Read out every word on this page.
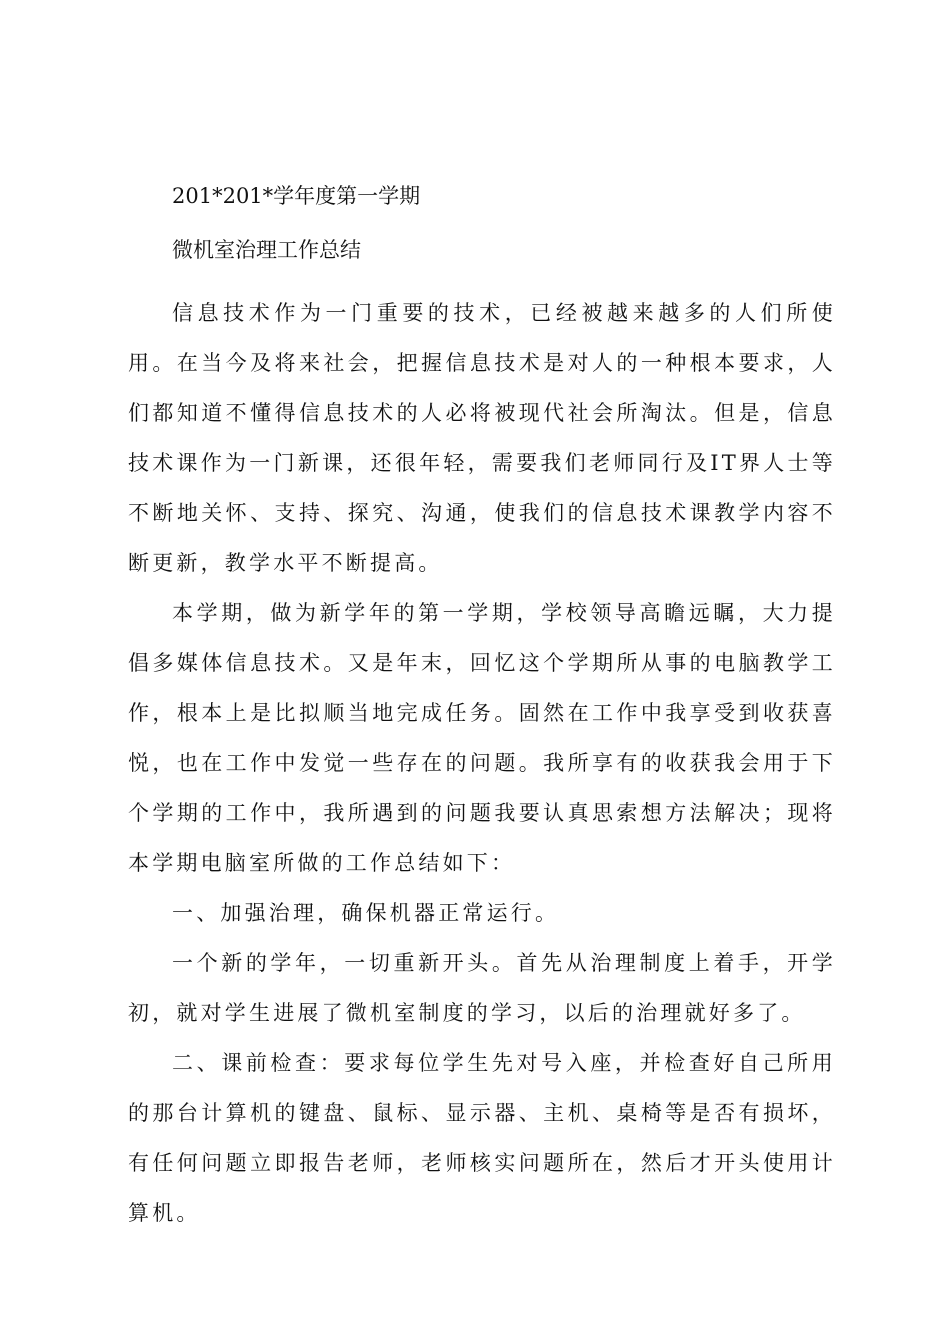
201*201*学年度第一学期
微机室治理工作总结

信息技术作为一门重要的技术，已经被越来越多的人们所使用。在当今及将来社会，把握信息技术是对人的一种根本要求，人们都知道不懂得信息技术的人必将被现代社会所淘汰。但是，信息技术课作为一门新课，还很年轻，需要我们老师同行及IT界人士等不断地关怀、支持、探究、沟通，使我们的信息技术课教学内容不断更新，教学水平不断提高。

本学期，做为新学年的第一学期，学校领导高瞻远瞩，大力提倡多媒体信息技术。又是年末，回忆这个学期所从事的电脑教学工作，根本上是比拟顺当地完成任务。固然在工作中我享受到收获喜悦，也在工作中发觉一些存在的问题。我所享有的收获我会用于下个学期的工作中，我所遇到的问题我要认真思索想方法解决；现将本学期电脑室所做的工作总结如下：

一、加强治理，确保机器正常运行。

一个新的学年，一切重新开头。首先从治理制度上着手，开学初，就对学生进展了微机室制度的学习，以后的治理就好多了。

二、课前检查：要求每位学生先对号入座，并检查好自己所用的那台计算机的键盘、鼠标、显示器、主机、桌椅等是否有损坏，有任何问题立即报告老师，老师核实问题所在，然后才开头使用计算机。
